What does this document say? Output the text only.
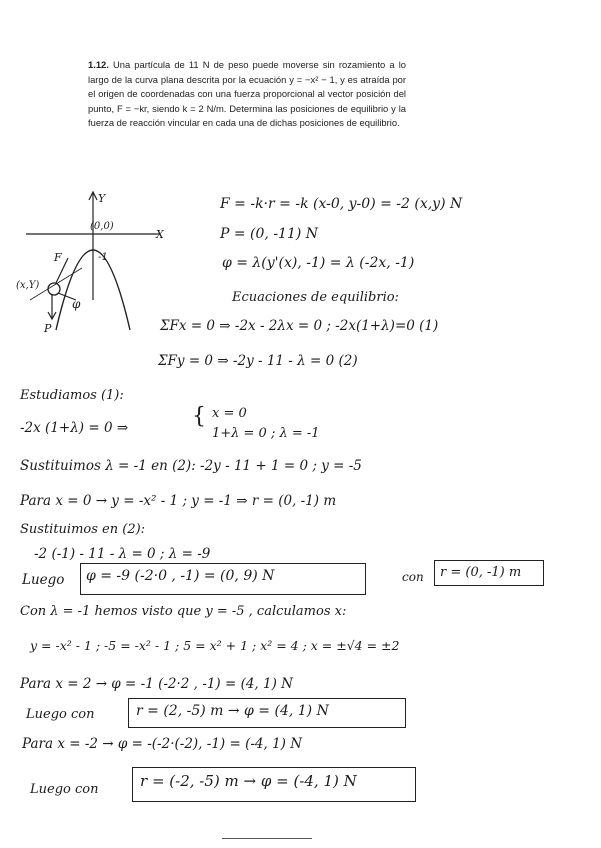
1.12. Una partícula de 11 N de peso puede moverse sin rozamiento a lo largo de la curva plana descrita por la ecuación y = −x² − 1, y es atraída por el origen de coordenadas con una fuerza proporcional al vector posición del punto, F = −kr, siendo k = 2 N/m. Determina las posiciones de equilibrio y la fuerza de reacción vincular en cada una de dichas posiciones de equilibrio.
Y
X
(0,0)
-1
(x,Y)
F
P
φ
F = -k·r = -k (x-0, y-0) = -2 (x,y) N
P = (0, -11) N
φ = λ(y'(x), -1) = λ (-2x, -1)
Ecuaciones de equilibrio:
ΣFx = 0 ⇒ -2x - 2λx = 0 ; -2x(1+λ)=0 (1)
ΣFy = 0 ⇒ -2y - 11 - λ = 0 (2)
Estudiamos (1):
-2x (1+λ) = 0 ⇒	{ x = 0
1+λ = 0 ; λ = -1
Sustituimos λ = -1 en (2): -2y - 11 + 1 = 0 ; y = -5
Para x = 0 → y = -x² - 1 ; y = -1 ⇒ r = (0, -1) m
Sustituimos en (2):
-2 (-1) - 11 - λ = 0 ; λ = -9
Luego φ = -9 (-2·0 , -1) = (0, 9) N	con r = (0, -1) m
Con λ = -1 hemos visto que y = -5 , calculamos x:
y = -x² - 1 ; -5 = -x² - 1 ; 5 = x² + 1 ; x² = 4 ; x = ±√4 = ±2
Para x = 2 → φ = -1 (-2·2 , -1) = (4, 1) N
Luego con	r = (2, -5) m → φ = (4, 1) N
Para x = -2 → φ = -(-2·(-2), -1) = (-4, 1) N
Luego con	r = (-2, -5) m → φ = (-4, 1) N
